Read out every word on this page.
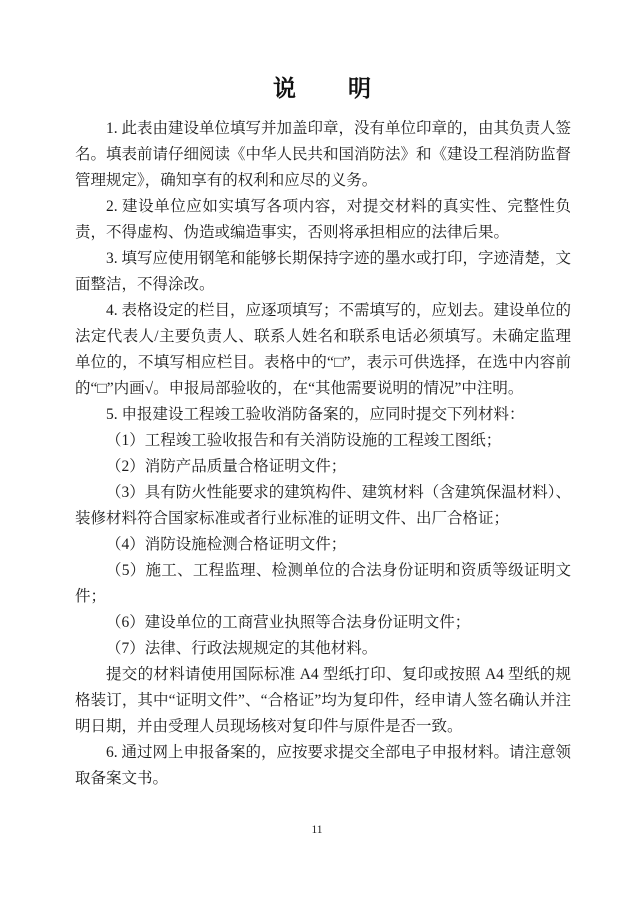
说　　明

1. 此表由建设单位填写并加盖印章，没有单位印章的，由其负责人签名。填表前请仔细阅读《中华人民共和国消防法》和《建设工程消防监督管理规定》，确知享有的权利和应尽的义务。

2. 建设单位应如实填写各项内容，对提交材料的真实性、完整性负责，不得虚构、伪造或编造事实，否则将承担相应的法律后果。

3. 填写应使用钢笔和能够长期保持字迹的墨水或打印，字迹清楚，文面整洁，不得涂改。

4. 表格设定的栏目，应逐项填写；不需填写的，应划去。建设单位的法定代表人/主要负责人、联系人姓名和联系电话必须填写。未确定监理单位的，不填写相应栏目。表格中的“□”，表示可供选择，在选中内容前的“□”内画√。申报局部验收的，在“其他需要说明的情况”中注明。

5. 申报建设工程竣工验收消防备案的，应同时提交下列材料：

（1）工程竣工验收报告和有关消防设施的工程竣工图纸；

（2）消防产品质量合格证明文件；

（3）具有防火性能要求的建筑构件、建筑材料（含建筑保温材料）、装修材料符合国家标准或者行业标准的证明文件、出厂合格证；

（4）消防设施检测合格证明文件；

（5）施工、工程监理、检测单位的合法身份证明和资质等级证明文件；

（6）建设单位的工商营业执照等合法身份证明文件；

（7）法律、行政法规规定的其他材料。

提交的材料请使用国际标准 A4 型纸打印、复印或按照 A4 型纸的规格装订，其中“证明文件”、“合格证”均为复印件，经申请人签名确认并注明日期，并由受理人员现场核对复印件与原件是否一致。

6. 通过网上申报备案的，应按要求提交全部电子申报材料。请注意领取备案文书。

11
